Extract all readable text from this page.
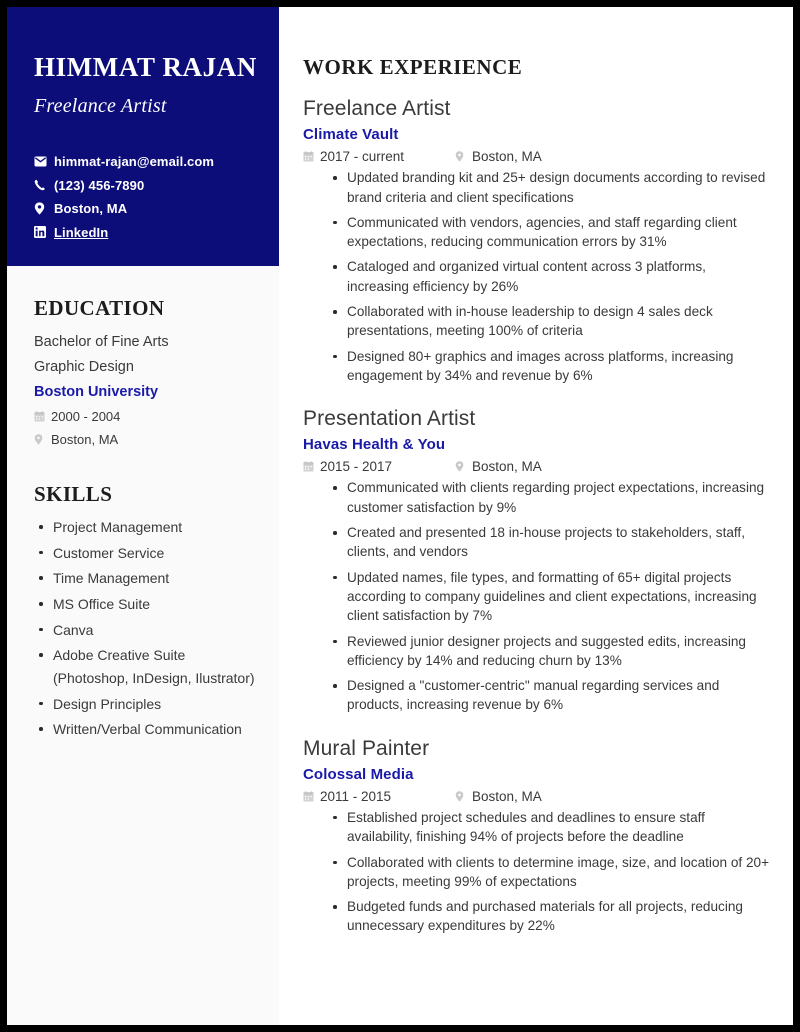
HIMMAT RAJAN
Freelance Artist
himmat-rajan@email.com
(123) 456-7890
Boston, MA
LinkedIn
EDUCATION
Bachelor of Fine Arts
Graphic Design
Boston University
2000 - 2004
Boston, MA
SKILLS
Project Management
Customer Service
Time Management
MS Office Suite
Canva
Adobe Creative Suite (Photoshop, InDesign, Ilustrator)
Design Principles
Written/Verbal Communication
WORK EXPERIENCE
Freelance Artist
Climate Vault
2017 - current	Boston, MA
Updated branding kit and 25+ design documents according to revised brand criteria and client specifications
Communicated with vendors, agencies, and staff regarding client expectations, reducing communication errors by 31%
Cataloged and organized virtual content across 3 platforms, increasing efficiency by 26%
Collaborated with in-house leadership to design 4 sales deck presentations, meeting 100% of criteria
Designed 80+ graphics and images across platforms, increasing engagement by 34% and revenue by 6%
Presentation Artist
Havas Health & You
2015 - 2017	Boston, MA
Communicated with clients regarding project expectations, increasing customer satisfaction by 9%
Created and presented 18 in-house projects to stakeholders, staff, clients, and vendors
Updated names, file types, and formatting of 65+ digital projects according to company guidelines and client expectations, increasing client satisfaction by 7%
Reviewed junior designer projects and suggested edits, increasing efficiency by 14% and reducing churn by 13%
Designed a "customer-centric" manual regarding services and products, increasing revenue by 6%
Mural Painter
Colossal Media
2011 - 2015	Boston, MA
Established project schedules and deadlines to ensure staff availability, finishing 94% of projects before the deadline
Collaborated with clients to determine image, size, and location of 20+ projects, meeting 99% of expectations
Budgeted funds and purchased materials for all projects, reducing unnecessary expenditures by 22%
